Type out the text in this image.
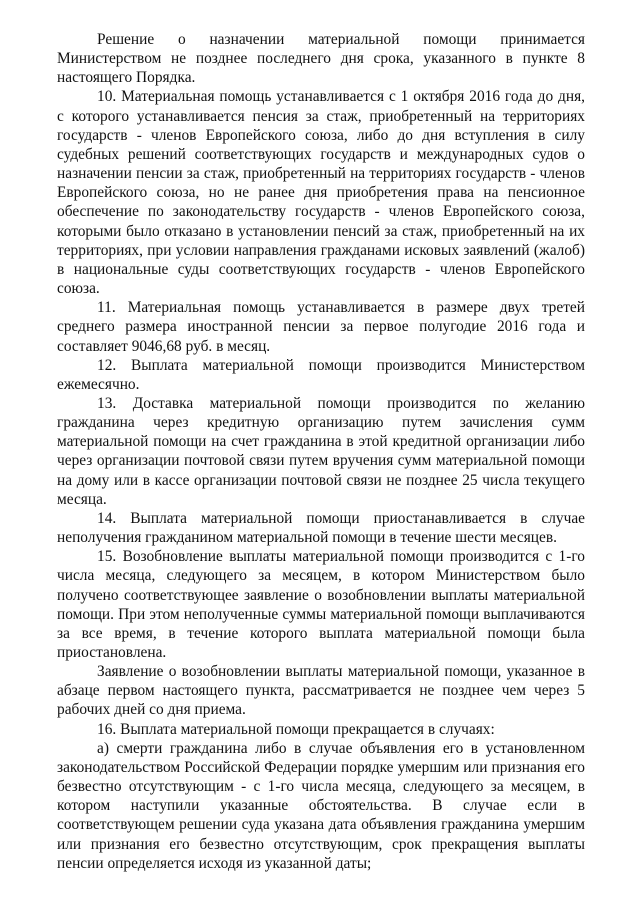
Решение о назначении материальной помощи принимается Министерством не позднее последнего дня срока, указанного в пункте 8 настоящего Порядка.

10. Материальная помощь устанавливается с 1 октября 2016 года до дня, с которого устанавливается пенсия за стаж, приобретенный на территориях государств - членов Европейского союза, либо до дня вступления в силу судебных решений соответствующих государств и международных судов о назначении пенсии за стаж, приобретенный на территориях государств - членов Европейского союза, но не ранее дня приобретения права на пенсионное обеспечение по законодательству государств - членов Европейского союза, которыми было отказано в установлении пенсий за стаж, приобретенный на их территориях, при условии направления гражданами исковых заявлений (жалоб) в национальные суды соответствующих государств - членов Европейского союза.

11. Материальная помощь устанавливается в размере двух третей среднего размера иностранной пенсии за первое полугодие 2016 года и составляет 9046,68 руб. в месяц.

12. Выплата материальной помощи производится Министерством ежемесячно.

13. Доставка материальной помощи производится по желанию гражданина через кредитную организацию путем зачисления сумм материальной помощи на счет гражданина в этой кредитной организации либо через организации почтовой связи путем вручения сумм материальной помощи на дому или в кассе организации почтовой связи не позднее 25 числа текущего месяца.

14. Выплата материальной помощи приостанавливается в случае неполучения гражданином материальной помощи в течение шести месяцев.

15. Возобновление выплаты материальной помощи производится с 1-го числа месяца, следующего за месяцем, в котором Министерством было получено соответствующее заявление о возобновлении выплаты материальной помощи. При этом неполученные суммы материальной помощи выплачиваются за все время, в течение которого выплата материальной помощи была приостановлена.

Заявление о возобновлении выплаты материальной помощи, указанное в абзаце первом настоящего пункта, рассматривается не позднее чем через 5 рабочих дней со дня приема.

16. Выплата материальной помощи прекращается в случаях:

а) смерти гражданина либо в случае объявления его в установленном законодательством Российской Федерации порядке умершим или признания его безвестно отсутствующим - с 1-го числа месяца, следующего за месяцем, в котором наступили указанные обстоятельства. В случае если в соответствующем решении суда указана дата объявления гражданина умершим или признания его безвестно отсутствующим, срок прекращения выплаты пенсии определяется исходя из указанной даты;
